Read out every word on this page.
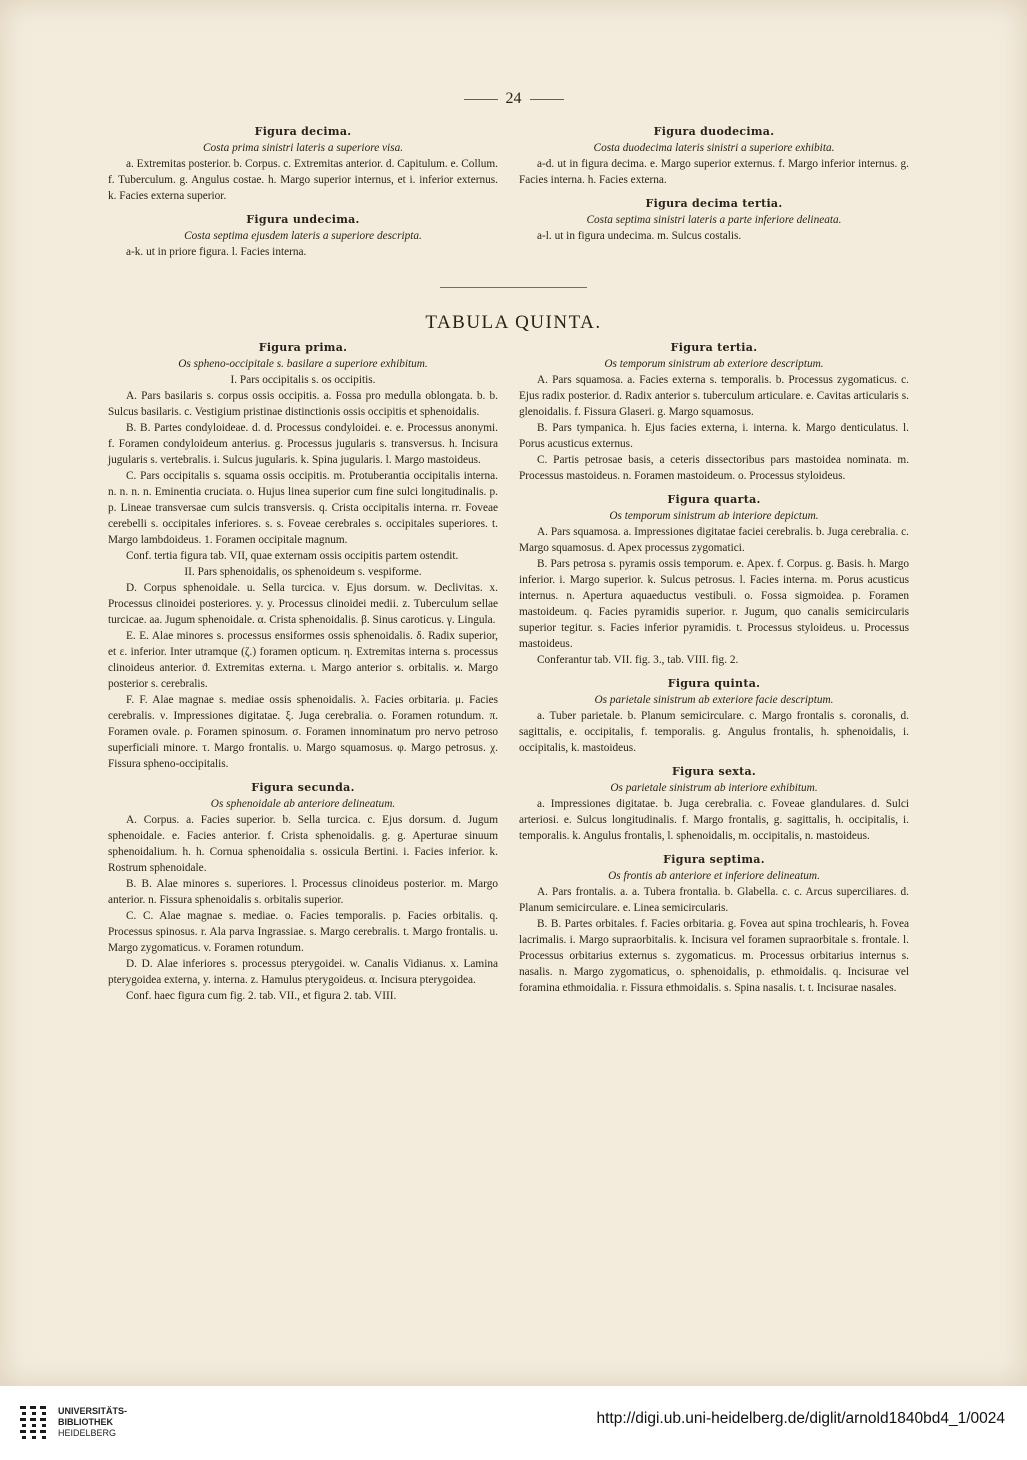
24
Figura decima.
Costa prima sinistri lateris a superiore visa.
a. Extremitas posterior. b. Corpus. c. Extremitas anterior. d. Capitulum. e. Collum. f. Tuberculum. g. Angulus costae. h. Margo superior internus, et i. inferior externus. k. Facies externa superior.
Figura undecima.
Costa septima ejusdem lateris a superiore descripta.
a-k. ut in priore figura. l. Facies interna.
Figura duodecima.
Costa duodecima lateris sinistri a superiore exhibita.
a-d. ut in figura decima. e. Margo superior externus. f. Margo inferior internus. g. Facies interna. h. Facies externa.
Figura decima tertia.
Costa septima sinistri lateris a parte inferiore delineata.
a-l. ut in figura undecima. m. Sulcus costalis.
TABULA QUINTA.
Figura prima.
Os spheno-occipitale s. basilare a superiore exhibitum.
I. Pars occipitalis s. os occipitis.
A. Pars basilaris s. corpus ossis occipitis. a. Fossa pro medulla oblongata. b. b. Sulcus basilaris. c. Vestigium pristinae distinctionis ossis occipitis et sphenoidalis.
B. B. Partes condyloideae. d. d. Processus condyloidei. e. e. Processus anonymi. f. Foramen condyloideum anterius. g. Processus jugularis s. transversus. h. Incisura jugularis s. vertebralis. i. Sulcus jugularis. k. Spina jugularis. l. Margo mastoideus.
C. Pars occipitalis s. squama ossis occipitis. m. Protuberantia occipitalis interna. n. n. n. n. Eminentia cruciata. o. Hujus linea superior cum fine sulci longitudinalis. p. p. Lineae transversae cum sulcis transversis. q. Crista occipitalis interna. rr. Foveae cerebelli s. occipitales inferiores. s. s. Foveae cerebrales s. occipitales superiores. t. Margo lambdoideus. 1. Foramen occipitale magnum.
Conf. tertia figura tab. VII, quae externam ossis occipitis partem ostendit.
II. Pars sphenoidalis, os sphenoideum s. vespiforme.
D. Corpus sphenoidale. u. Sella turcica. v. Ejus dorsum. w. Declivitas. x. Processus clinoidei posteriores. y. y. Processus clinoidei medii. z. Tuberculum sellae turcicae. aa. Jugum sphenoidale. α. Crista sphenoidalis. β. Sinus caroticus. γ. Lingula.
E. E. Alae minores s. processus ensiformes ossis sphenoidalis. δ. Radix superior, et ε. inferior. Inter utramque (ζ.) foramen opticum. η. Extremitas interna s. processus clinoideus anterior. ϑ. Extremitas externa. ι. Margo anterior s. orbitalis. ϰ. Margo posterior s. cerebralis.
F. F. Alae magnae s. mediae ossis sphenoidalis. λ. Facies orbitaria. μ. Facies cerebralis. ν. Impressiones digitatae. ξ. Juga cerebralia. ο. Foramen rotundum. π. Foramen ovale. ρ. Foramen spinosum. σ. Foramen innominatum pro nervo petroso superficiali minore. τ. Margo frontalis. υ. Margo squamosus. φ. Margo petrosus. χ. Fissura spheno-occipitalis.
Figura secunda.
Os sphenoidale ab anteriore delineatum.
A. Corpus. a. Facies superior. b. Sella turcica. c. Ejus dorsum. d. Jugum sphenoidale. e. Facies anterior. f. Crista sphenoidalis. g. g. Aperturae sinuum sphenoidalium. h. h. Cornua sphenoidalia s. ossicula Bertini. i. Facies inferior. k. Rostrum sphenoidale.
B. B. Alae minores s. superiores. l. Processus clinoideus posterior. m. Margo anterior. n. Fissura sphenoidalis s. orbitalis superior.
C. C. Alae magnae s. mediae. o. Facies temporalis. p. Facies orbitalis. q. Processus spinosus. r. Ala parva Ingrassiae. s. Margo cerebralis. t. Margo frontalis. u. Margo zygomaticus. v. Foramen rotundum.
D. D. Alae inferiores s. processus pterygoidei. w. Canalis Vidianus. x. Lamina pterygoidea externa, y. interna. z. Hamulus pterygoideus. α. Incisura pterygoidea.
Conf. haec figura cum fig. 2. tab. VII., et figura 2. tab. VIII.
Figura tertia.
Os temporum sinistrum ab exteriore descriptum.
A. Pars squamosa. a. Facies externa s. temporalis. b. Processus zygomaticus. c. Ejus radix posterior. d. Radix anterior s. tuberculum articulare. e. Cavitas articularis s. glenoidalis. f. Fissura Glaseri. g. Margo squamosus.
B. Pars tympanica. h. Ejus facies externa, i. interna. k. Margo denticulatus. l. Porus acusticus externus.
C. Partis petrosae basis, a ceteris dissectoribus pars mastoidea nominata. m. Processus mastoideus. n. Foramen mastoideum. o. Processus styloideus.
Figura quarta.
Os temporum sinistrum ab interiore depictum.
A. Pars squamosa. a. Impressiones digitatae faciei cerebralis. b. Juga cerebralia. c. Margo squamosus. d. Apex processus zygomatici.
B. Pars petrosa s. pyramis ossis temporum. e. Apex. f. Corpus. g. Basis. h. Margo inferior. i. Margo superior. k. Sulcus petrosus. l. Facies interna. m. Porus acusticus internus. n. Apertura aquaeductus vestibuli. o. Fossa sigmoidea. p. Foramen mastoideum. q. Facies pyramidis superior. r. Jugum, quo canalis semicircularis superior tegitur. s. Facies inferior pyramidis. t. Processus styloideus. u. Processus mastoideus.
Conferantur tab. VII. fig. 3., tab. VIII. fig. 2.
Figura quinta.
Os parietale sinistrum ab exteriore facie descriptum.
a. Tuber parietale. b. Planum semicirculare. c. Margo frontalis s. coronalis, d. sagittalis, e. occipitalis, f. temporalis. g. Angulus frontalis, h. sphenoidalis, i. occipitalis, k. mastoideus.
Figura sexta.
Os parietale sinistrum ab interiore exhibitum.
a. Impressiones digitatae. b. Juga cerebralia. c. Foveae glandulares. d. Sulci arteriosi. e. Sulcus longitudinalis. f. Margo frontalis, g. sagittalis, h. occipitalis, i. temporalis. k. Angulus frontalis, l. sphenoidalis, m. occipitalis, n. mastoideus.
Figura septima.
Os frontis ab anteriore et inferiore delineatum.
A. Pars frontalis. a. a. Tubera frontalia. b. Glabella. c. c. Arcus superciliares. d. Planum semicirculare. e. Linea semicircularis.
B. B. Partes orbitales. f. Facies orbitaria. g. Fovea aut spina trochlearis, h. Fovea lacrimalis. i. Margo supraorbitalis. k. Incisura vel foramen supraorbitale s. frontale. l. Processus orbitarius externus s. zygomaticus. m. Processus orbitarius internus s. nasalis. n. Margo zygomaticus, o. sphenoidalis, p. ethmoidalis. q. Incisurae vel foramina ethmoidalia. r. Fissura ethmoidalis. s. Spina nasalis. t. t. Incisurae nasales.
UNIVERSITÄTS-
BIBLIOTHEK
HEIDELBERG
http://digi.ub.uni-heidelberg.de/diglit/arnold1840bd4_1/0024
